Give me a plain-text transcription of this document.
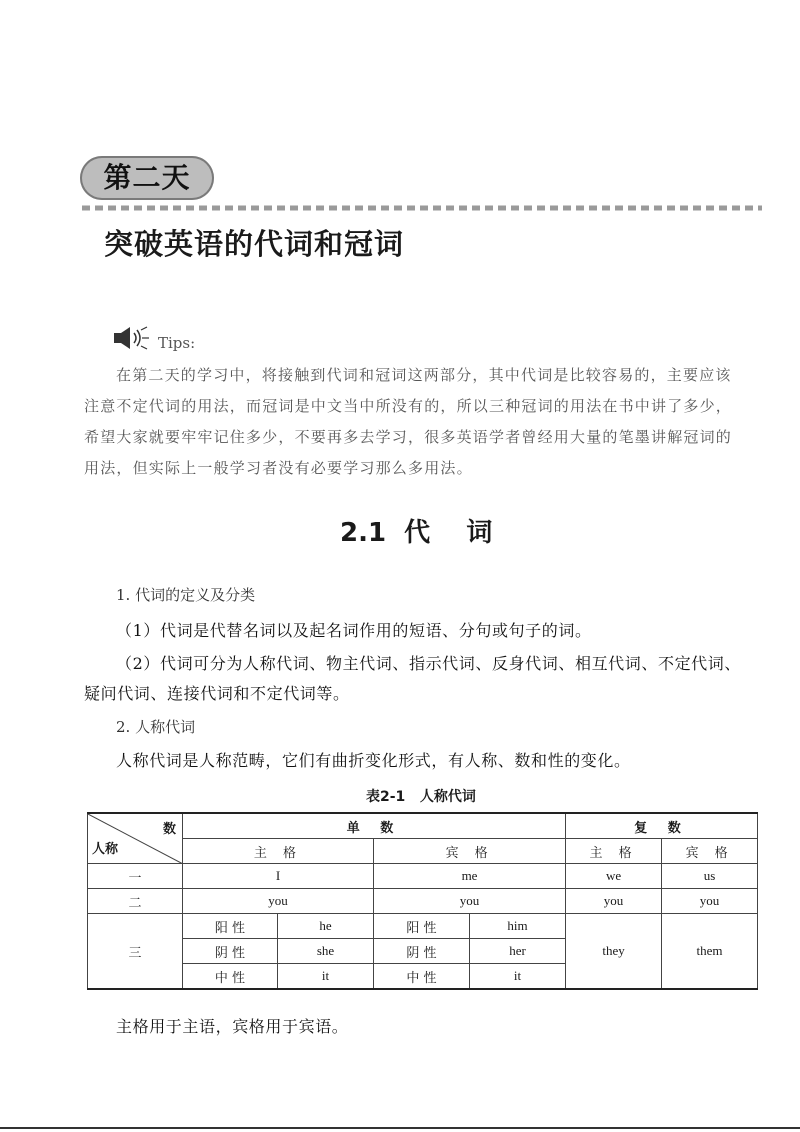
第二天
突破英语的代词和冠词
Tips:
在第二天的学习中，将接触到代词和冠词这两部分，其中代词是比较容易的，主要应该
注意不定代词的用法，而冠词是中文当中所没有的，所以三种冠词的用法在书中讲了多少，
希望大家就要牢牢记住多少，不要再多去学习，很多英语学者曾经用大量的笔墨讲解冠词的
用法，但实际上一般学习者没有必要学习那么多用法。
2.1  代    词
1. 代词的定义及分类
（1）代词是代替名词以及起名词作用的短语、分句或句子的词。
（2）代词可分为人称代词、物主代词、指示代词、反身代词、相互代词、不定代词、
疑问代词、连接代词和不定代词等。
2. 人称代词
人称代词是人称范畴，它们有曲折变化形式，有人称、数和性的变化。
表2-1   人称代词
数
人称	单 数				复 数	
	主 格		宾 格		主 格	宾 格
一	I		me		we	us
二	you		you		you	you
三	阳 性	he	阳 性	him	they	them
	阴 性	she	阴 性	her		
	中 性	it	中 性	it		
主格用于主语，宾格用于宾语。
